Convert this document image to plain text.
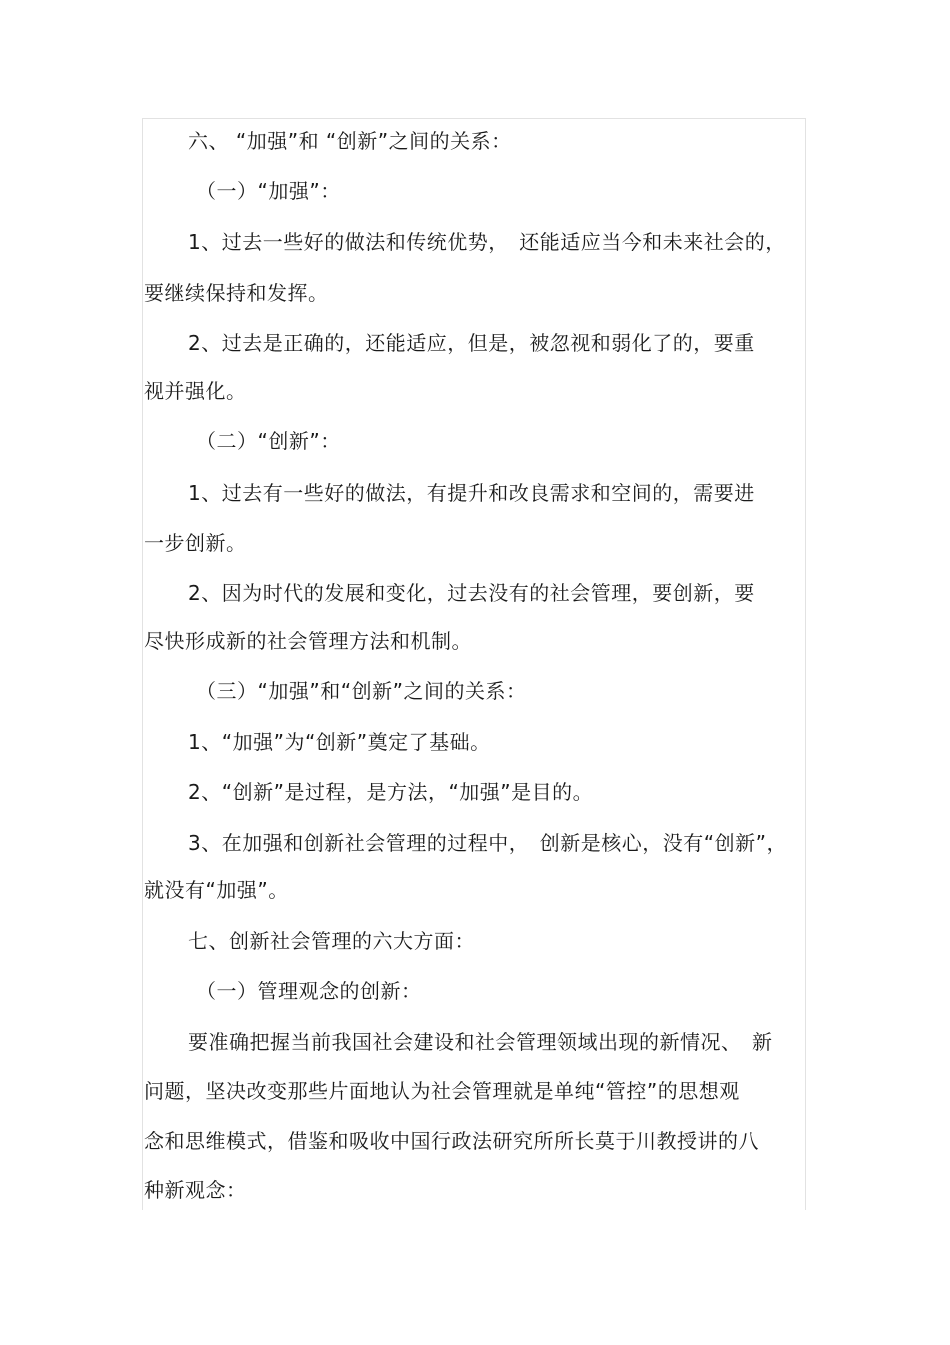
六、 “加强”和 “创新”之间的关系：
（一）“加强”：
1、过去一些好的做法和传统优势，　还能适应当今和未来社会的，
要继续保持和发挥。
2、过去是正确的，还能适应，但是，被忽视和弱化了的，要重
视并强化。
（二）“创新”：
1、过去有一些好的做法，有提升和改良需求和空间的，需要进
一步创新。
2、因为时代的发展和变化，过去没有的社会管理，要创新，要
尽快形成新的社会管理方法和机制。
（三）“加强”和“创新”之间的关系：
1、“加强”为“创新”奠定了基础。
2、“创新”是过程，是方法，“加强”是目的。
3、在加强和创新社会管理的过程中，　创新是核心，没有“创新”，
就没有“加强”。
七、创新社会管理的六大方面：
（一）管理观念的创新：
要准确把握当前我国社会建设和社会管理领域出现的新情况、　新
问题，坚决改变那些片面地认为社会管理就是单纯“管控”的思想观
念和思维模式，借鉴和吸收中国行政法研究所所长莫于川教授讲的八
种新观念：
